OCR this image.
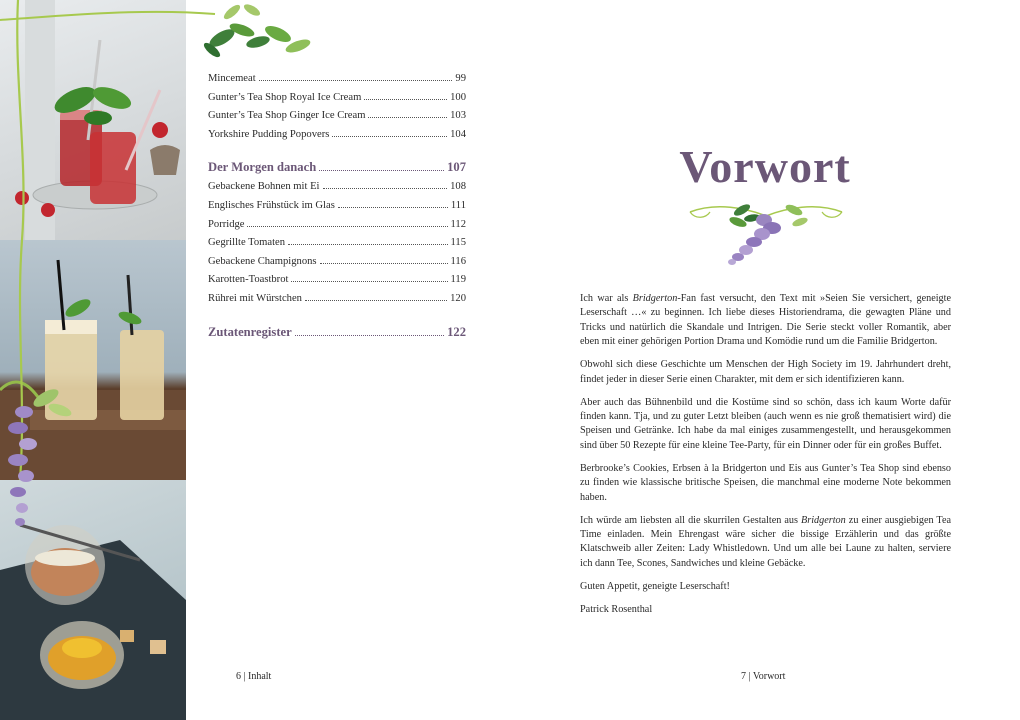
Mincemeat	99
Gunter’s Tea Shop Royal Ice Cream	100
Gunter’s Tea Shop Ginger Ice Cream	103
Yorkshire Pudding Popovers	104
Der Morgen danach	107
Gebackene Bohnen mit Ei	108
Englisches Frühstück im Glas	111
Porridge	112
Gegrillte Tomaten	115
Gebackene Champignons	116
Karotten-Toastbrot	119
Rührei mit Würstchen	120
Zutatenregister	122
6 | Inhalt
Vorwort

Ich war als Bridgerton-Fan fast versucht, den Text mit »Seien Sie versichert, geneigte Leserschaft …« zu beginnen. Ich liebe dieses Historiendrama, die gewagten Pläne und Tricks und natürlich die Skandale und Intrigen. Die Serie steckt voller Romantik, aber eben mit einer gehörigen Portion Drama und Komödie rund um die Familie Bridgerton.

Obwohl sich diese Geschichte um Menschen der High Society im 19. Jahrhundert dreht, findet jeder in dieser Serie einen Charakter, mit dem er sich identifizieren kann.

Aber auch das Bühnenbild und die Kostüme sind so schön, dass ich kaum Worte dafür finden kann. Tja, und zu guter Letzt bleiben (auch wenn es nie groß thematisiert wird) die Speisen und Getränke. Ich habe da mal einiges zusammengestellt, und herausgekommen sind über 50 Rezepte für eine kleine Tee-Party, für ein Dinner oder für ein großes Buffet.

Berbrooke’s Cookies, Erbsen à la Bridgerton und Eis aus Gunter’s Tea Shop sind ebenso zu finden wie klassische britische Speisen, die manchmal eine moderne Note bekommen haben.

Ich würde am liebsten all die skurrilen Gestalten aus Bridgerton zu einer ausgiebigen Tea Time einladen. Mein Ehrengast wäre sicher die bissige Erzählerin und das größte Klatschweib aller Zeiten: Lady Whistledown. Und um alle bei Laune zu halten, serviere ich dann Tee, Scones, Sandwiches und kleine Gebäcke.

Guten Appetit, geneigte Leserschaft!

Patrick Rosenthal

7 | Vorwort
